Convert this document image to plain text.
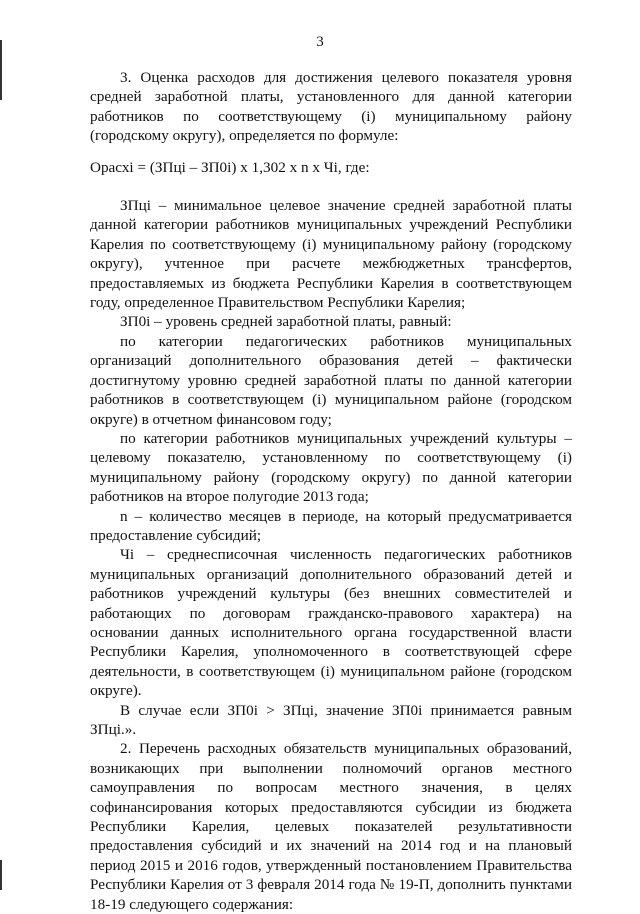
3

3. Оценка расходов для достижения целевого показателя уровня средней заработной платы, установленного для данной категории работников по соответствующему (i) муниципальному району (городскому округу), определяется по формуле:

Орасхi = (ЗПцi – ЗП0i) x 1,302 x n x Чi, где:

ЗПцi – минимальное целевое значение средней заработной платы данной категории работников муниципальных учреждений Республики Карелия по соответствующему (i) муниципальному району (городскому округу), учтенное при расчете межбюджетных трансфертов, предоставляемых из бюджета Республики Карелия в соответствующем году, определенное Правительством Республики Карелия;

ЗП0i – уровень средней заработной платы, равный:

по категории педагогических работников муниципальных организаций дополнительного образования детей – фактически достигнутому уровню средней заработной платы по данной категории работников в соответствующем (i) муниципальном районе (городском округе) в отчетном финансовом году;

по категории работников муниципальных учреждений культуры – целевому показателю, установленному по соответствующему (i) муниципальному району (городскому округу) по данной категории работников на второе полугодие 2013 года;

n – количество месяцев в периоде, на который предусматривается предоставление субсидий;

Чi – среднесписочная численность педагогических работников муниципальных организаций дополнительного образований детей и работников учреждений культуры (без внешних совместителей и работающих по договорам гражданско-правового характера) на основании данных исполнительного органа государственной власти Республики Карелия, уполномоченного в соответствующей сфере деятельности, в соответствующем (i) муниципальном районе (городском округе).

В случае если ЗП0i > ЗПцi, значение ЗП0i принимается равным ЗПцi.».

2. Перечень расходных обязательств муниципальных образований, возникающих при выполнении полномочий органов местного самоуправления по вопросам местного значения, в целях софинансирования которых предоставляются субсидии из бюджета Республики Карелия, целевых показателей результативности предоставления субсидий и их значений на 2014 год и на плановый период 2015 и 2016 годов, утвержденный постановлением Правительства Республики Карелия от 3 февраля 2014 года № 19-П, дополнить пунктами 18-19 следующего содержания:
